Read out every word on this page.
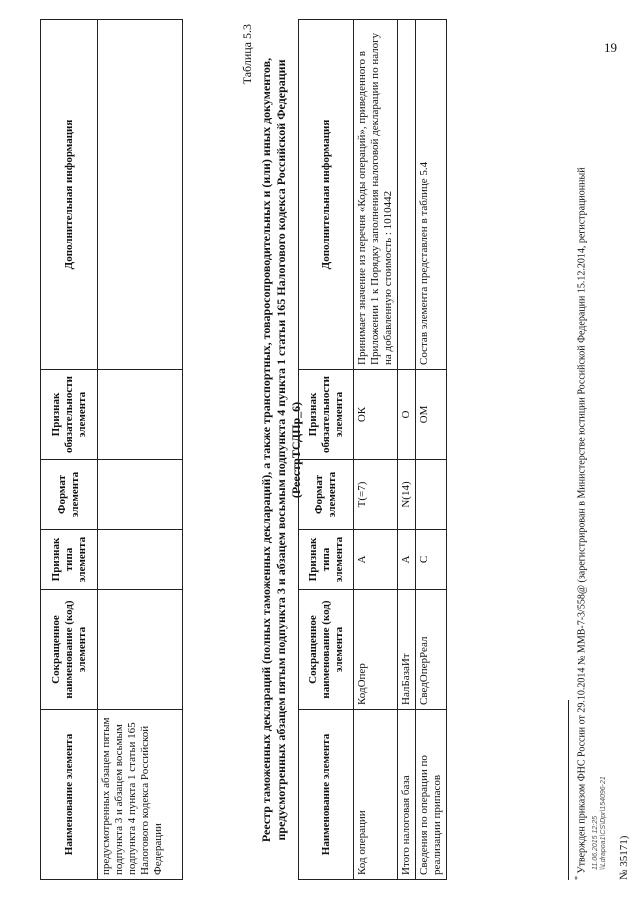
19
Наименование элемента	Сокращенное наименование (код) элемента	Признак типа элемента	Формат элемента	Признак обязательности элемента	Дополнительная информация
предусмотренных абзацем пятым подпункта 3 и абзацем восьмым подпункта 4 пункта 1 статьи 165 Налогового кодекса Российской Федерации					
Таблица 5.3
Реестр таможенных деклараций (полных таможенных деклараций), а также транспортных, товаросопроводительных и (или) иных документов, предусмотренных абзацем пятым подпункта 3 и абзацем восьмым подпункта 4 пункта 1 статьи 165 Налогового кодекса Российской Федерации (РеестрТСДПр_6)
Наименование элемента	Сокращенное наименование (код) элемента	Признак типа элемента	Формат элемента	Признак обязательности элемента	Дополнительная информация
Код операции	КодОпер	А	T(=7)	ОК	Принимает значение из перечня «Коды операций», приведенного в Приложении 1 к Порядку заполнения налоговой декларации по налогу на добавленную стоимость : 1010442
Итого налоговая база	НалБазаИт	А	N(14)	О	
Сведения по операции по реализации припасов	СведОперРеал	С		ОМ	Состав элемента представлен в таблице 5.4
* Утвержден приказом ФНС России от 29.10.2014 № ММВ-7-3/558@ (зарегистрирован в Министерстве юстиции Российской Федерации 15.12.2014, регистрационный 11.06.2015 12:25 \\Ldrapoa1\CS\Dpr\154096-21 № 35171)
